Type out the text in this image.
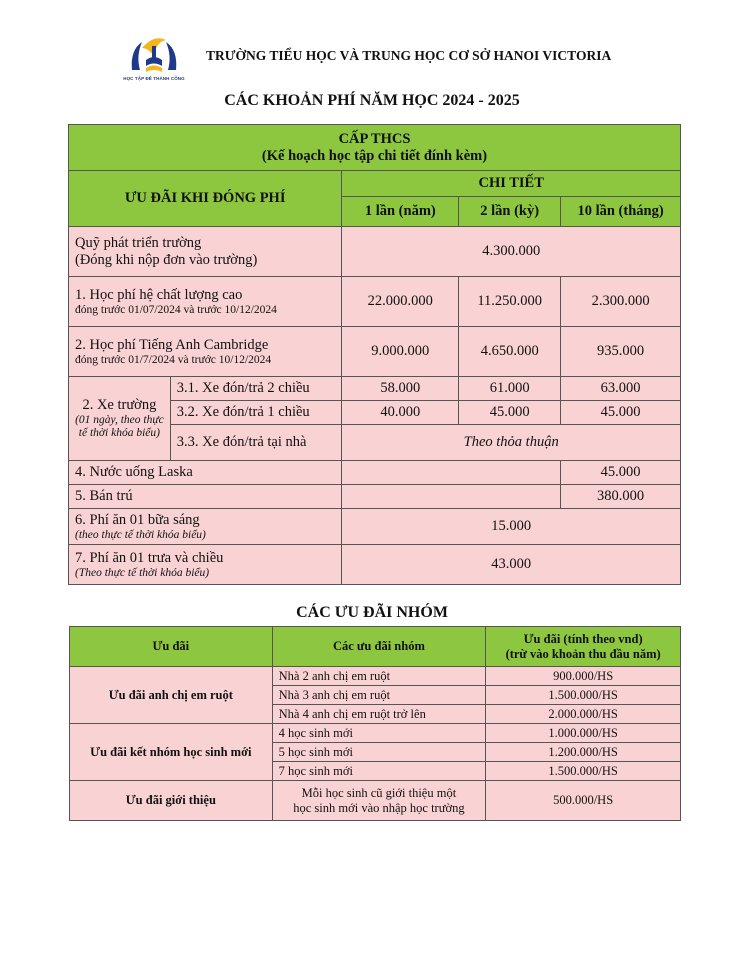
HỌC TẬP ĐỂ THÀNH CÔNG
TRƯỜNG TIỂU HỌC VÀ TRUNG HỌC CƠ SỞ HANOI VICTORIA
CÁC KHOẢN PHÍ NĂM HỌC 2024 - 2025
CẤP THCS
(Kế hoạch học tập chi tiết đính kèm)				

ƯU ĐÃI KHI ĐÓNG PHÍ		CHI TIẾT		
		1 lần (năm)	2 lần (kỳ)	10 lần (tháng)

Quỹ phát triển trường
(Đóng khi nộp đơn vào trường)		4.300.000		

1. Học phí hệ chất lượng cao
đóng trước 01/07/2024 và trước 10/12/2024		22.000.000	11.250.000	2.300.000

2. Học phí Tiếng Anh Cambridge
đóng trước 01/7/2024 và trước 10/12/2024		9.000.000	4.650.000	935.000

2. Xe trường
(01 ngày, theo thực tế thời khóa biểu)	3.1. Xe đón/trả 2 chiều	58.000	61.000	63.000
	3.2. Xe đón/trả 1 chiều	40.000	45.000	45.000
	3.3. Xe đón/trả tại nhà	Theo thỏa thuận		
4. Nước uống Laska				45.000
5. Bán trú				380.000

6. Phí ăn 01 bữa sáng
(theo thực tế thời khóa biểu)		15.000		

7. Phí ăn 01 trưa và chiều
(Theo thực tế thời khóa biểu)		43.000		
CÁC ƯU ĐÃI NHÓM
Ưu đãi	Các ưu đãi nhóm	Ưu đãi (tính theo vnd)
(trừ vào khoản thu đầu năm)

Ưu đãi anh chị em ruột	Nhà 2 anh chị em ruột	900.000/HS
	Nhà 3 anh chị em ruột	1.500.000/HS
	Nhà 4 anh chị em ruột trở lên	2.000.000/HS
Ưu đãi kết nhóm học sinh mới	4 học sinh mới	1.000.000/HS
	5 học sinh mới	1.200.000/HS
	7 học sinh mới	1.500.000/HS
Ưu đãi giới thiệu	Mỗi học sinh cũ giới thiệu một
học sinh mới vào nhập học trường	500.000/HS
